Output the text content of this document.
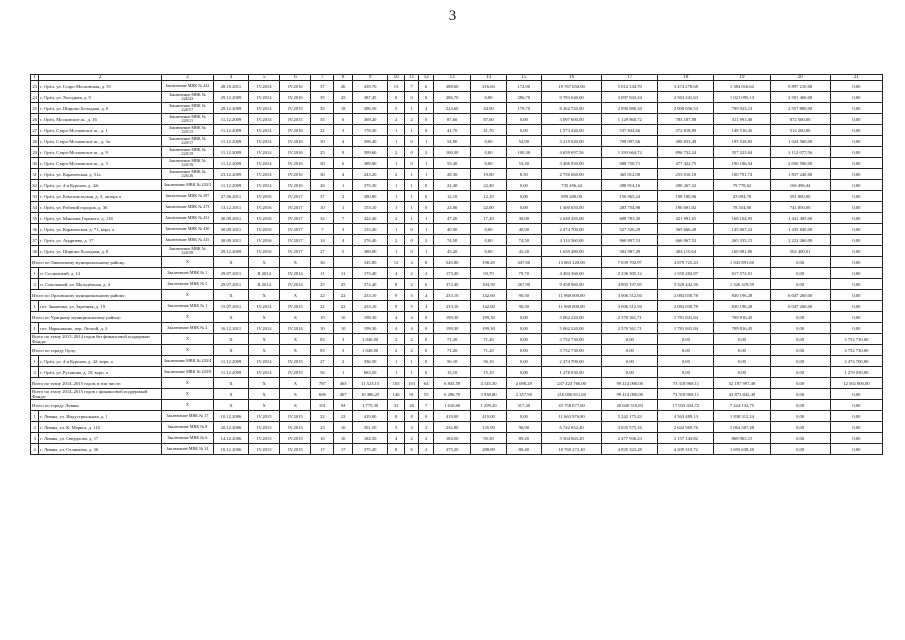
3
1	2	3	4	5	6	7	8	9	10	11	12	13	14	15	16	17	18	19	20	21
23	г. Орёл, ул. Старо-Московская, д. 55	Заключение МВК № 442	28.10.2011	IV.2014	IV.2016	37	26	439,70	13	7	6	388,60	216,60	172,00	19 767 650,00	5 012 144,70	3 474 278,68	1 384 016,62	9 897 210,00	0,00
24	г. Орёл, ул. Холодная, д. 9	Заключение МВК № 226/43	29.12.2009	IV.2014	IV.2016	35	25	387,45	6	0	6	286,70	0,00	286,70	9 783 640,00	3 097 843,24	2 563 241,63	1 021 095,13	2 501 460,00	0,00
25	г. Орёл, ул. Широко-Холодная, д. 6	Заключение МВК № 226/57	29.12.2009	IV.2014	IV.2015	35	18	386,50	5	1	4	224,60	44,90	179,70	8 262 720,00	2 896 880,34	2 008 036,53	799 923,13	2 557 880,00	0,00
26	г. Орёл, Московское ш., д. 16	Заключение МВК № 220/11	11.12.2009	IV.2014	IV.2015	35	6	369,20	2	2	0	87,60	87,60	0,00	3 097 600,00	1 129 860,72	783 187,88	311 991,40	872 560,00	0,00
27	г. Орёл, Старо-Московское ш., д. 1	Заключение МВК № 220/15	11.12.2009	IV.2014	IV.2016	22	3	178,30	1	1	0	41,70	41,70	0,00	1 573 440,00	537 844,66	372 818,89	148 516,45	514 260,00	0,00
28	г. Орёл, Старо-Московское ш., д. 3а	Заключение МВК № 220/17	11.12.2009	IV.2014	IV.2016	30	4	396,40	1	0	1	54,90	0,00	54,90	3 219 020,00	708 097,66	490 833,49	195 528,85	1 924 560,00	0,00
29	г. Орёл, Старо-Московское ш., д. 9	Заключение МВК № 220/19	11.12.2009	IV.2014	IV.2016	25	9	399,60	2	0	2	100,30	0,00	100,30	4 659 697,56	1 293 664,72	896 732,24	357 223,04	2 112 077,56	0,00
30	г. Орёл, Старо-Московское ш., д. 3	Заключение МВК № 220/16	11.12.2009	IV.2014	IV.2016	30	6	389,90	1	0	1	53,40	0,00	53,40	3 406 950,00	688 750,71	477 422,75	190 186,54	2 050 590,00	0,00
31	г. Орёл, ул. Карачевская, д. 51а	Заключение МВК № 226/26	23.12.2009	IV.2014	IV.2016	30	4	243,20	2	1	1	28,30	19,80	8,50	2 756 060,00	365 012,08	253 016,18	100 791,74	1 837 240,00	0,00
32	г. Орёл, ул. 4-я Курская, д. 42г	Заключение МВК № 220/3	11.12.2009	IV.2014	IV.2016	26	1	375,30	1	1	0	22,40	22,40	0,00	735 456,44	288 914,16	200 267,22	79 778,62	166 496,44	0,00
33	г. Орёл, ул. Комсомольская, д. 3, литера а	Заключение МВК № 397	27.06.2011	IV.2016	IV.2017	37	2	380,80	1	1	0	12,10	12,10	0,00	899 200,00	156 065,24	108 180,06	43 094,70	591 860,00	0,00
34	г. Орёл, ул. Рабочий городок, д. 36	Заключение МВК № 473	13.12.2011	IV.2016	IV.2017	10	1	153,10	1	1	0	22,00	22,00	0,00	1 300 650,00	283 754,98	196 691,02	78 354,00	741 850,00	0,00
35	г. Орёл, ул. Максима Горького, д. 118	Заключение МВК № 431	30.09.2011	IV.2016	IV.2017	32	7	422,40	2	1	1	47,20	17,20	30,00	2 640 285,00	608 783,40	421 991,65	168 104,95	1 441 405,00	0,00
36	г. Орёл, ул. Карачевская, д. 71, корп. а	Заключение МВК № 430	30.09.2011	IV.2016	IV.2017	7	3	133,40	1	0	1	40,90	0,00	40,90	2 474 700,00	527 526,29	365 666,49	145 667,22	1 435 840,00	0,00
37	г. Орёл, ул. Андриева, д. 17	Заключение МВК № 435	30.09.2011	IV.2016	IV.2017	14	4	276,40	2	0	2	74,50	0,00	74,50	4 114 560,00	960 897,53	666 067,52	265 335,15	2 222 260,00	0,00
38	г. Орёл, ул. Широко-Холодная, д. 8	Заключение МВК № 226/58	29.12.2009	IV.2016	IV.2017	27	5	388,80	1	0	1	45,20	0,00	45,20	1 639 480,00	582 987,49	404 110,64	160 981,86	502 400,01	0,00
Итого по Ливенскому муниципальному району:		X	X	X	X	36		545,80	12	4	8	545,80	198,20	347,60	13 863 120,00	7 039 702,97	4 879 725,43	1 943 891,60	0,00	0,00
1	п. Сосновский, д. 12	Заключение МВК № 1	29.07.2011	II.2014	IV.2014	11	11	173,40	4	2	2	173,40	93,70	79,70	4 404 360,00	2 236 505,12	1 550 282,87	617 572,01	0,00	0,00
2	п. Сокольный, ул. Молодёжная, д. 4	Заключение МВК № 2	29.07.2011	II.2014	IV.2014	25	25	372,40	8	2	6	372,40	104,50	267,90	9 458 960,00	4 803 197,85	3 329 442,56	1 326 319,59	0,00	0,00
Итого по Орловскому муниципальному району:		X	X	X	X	22	22	233,10	9	5	4	233,10	142,60	90,50	11 968 000,00	3 006 512,94	2 084 030,78	830 196,28	6 047 260,00	0,00
1	пгт. Знаменка, ул. Заречная, д. 19	Заключение МВК № 1	15.07.2011	IV.2014	IV.2015	22	22	233,10	9	5	4	233,10	142,60	90,50	11 968 000,00	3 006 512,94	2 084 030,78	830 196,28	6 047 260,00	0,00
Итого по Урицкому муниципальному району:		X	X	X	X	10	10	199,30	4	4	0	199,30	199,30	0,00	5 062 220,00	2 570 561,71	1 781 841,84	709 816,45	0,00	0,00
1	пгт. Нарышкино, пер. Лесной, д. 2	Заключение МВК № 2	16.12.2011	IV.2014	IV.2014	10	10	199,30	4	4	0	199,30	199,30	0,00	5 062 220,00	2 570 561,71	1 781 841,84	709 816,45	0,00	0,00
Всего по этапу 2013–2014 годов без финансовой поддержки Фонда:		X	X	X	X	83	3	1 040,00	2	2	0	71,20	71,20	0,00	3 752 730,00	0,00	0,00	0,00	0,00	3 752 730,00
Итого по городу Орлу:		X	X	X	X	83	3	1 040,00	2	2	0	71,20	71,20	0,00	3 752 730,00	0,00	0,00	0,00	0,00	3 752 730,00
1	г. Орёл, ул. 4-я Курская, д. 42, корп. а	Заключение МВК № 220/4	11.12.2009	IV.2014	IV.2015	27	2	356,50	1	1	0	56,10	56,10	0,00	2 474 700,00	0,00	0,00	0,00	0,00	2 474 700,00
2	г. Орёл, ул. Русанова, д. 19, корп. а	Заключение МВК № 220/8	11.12.2009	IV.2014	IV.2015	56	1	683,50	1	1	0	15,10	15,10	0,00	1 278 030,00	0,00	0,00	0,00	0,00	1 278 030,00
Всего по этапу 2014–2015 годов, в том числе:		X	X	X	X	787	463	11 523,15	165	101	64	6 843,59	4 145,30	2 698,29	237 423 766,00	99 414 000,00	73 318 969,11	52 187 997,49	0,00	12 502 800,00
Всего по этапу 2014–2015 годов с финансовой поддержкой Фонда:		X	X	X	X	696	407	10 386,25	146	91	55	6 296,70	3 938,80	2 357,90	216 006 811,60	99 414 000,00	73 318 969,11	43 873 842,49	0,00	0,00
Итого по городу Ливны:		X	X	X	X	101	94	1 775,30	33	26	7	1 616,60	1 299,20	317,40	45 758 077,60	20 600 510,83	17 933 434,72	7 224 132,75	0,00	0,00
1	г. Ливны, ул. Индустриальная, д. 1	Заключение МВК № 17	10.12.2006	IV.2015	IV.2015	22	22	419,00	8	8	0	419,00	419,00	0,00	11 663 976,80	5 242 175,43	4 563 489,13	1 838 312,24	0,00	0,00
2	г. Ливны, ул. К. Маркса, д. 110	Заключение МВК № 8	20.12.2006	IV.2015	IV.2015	23	16	391,50	5	3	2	232,80	135,90	96,90	6 742 652,40	3 035 575,16	2 642 569,76	1 064 507,48	0,00	0,00
3	г. Ливны, ул. Свердлова, д. 17	Заключение МВК № 6	14.12.2006	IV.2015	IV.2015	10	10	184,50	4	2	2	184,50	95,30	89,20	5 504 063,20	2 477 936,23	2 157 143,82	868 963,15	0,00	0,00
4	г. Ливны, ул. Селикаева, д. 36	Заключение МВК № 14	10.12.2006	IV.2015	IV.2015	17	17	375,20	8	6	2	375,20	288,80	86,40	10 760 272,40	4 835 323,28	4 209 310,72	1 695 638,40	0,00	0,00
